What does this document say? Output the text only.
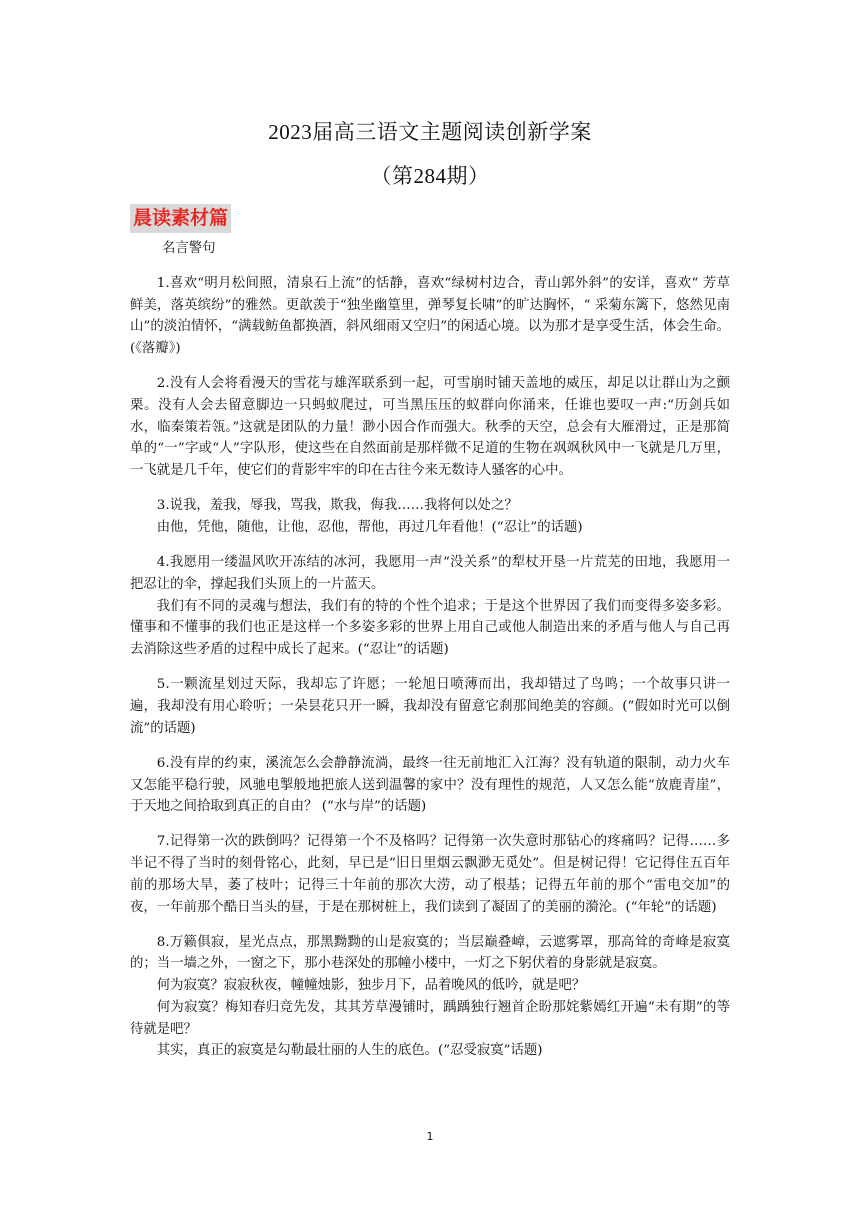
2023届高三语文主题阅读创新学案
（第284期）
晨读素材篇
名言警句

1.喜欢“明月松间照，清泉石上流”的恬静，喜欢“绿树村边合，青山郭外斜”的安详，喜欢“ 芳草鲜美，落英缤纷”的雅然。更歆羡于“独坐幽篁里，弹琴复长啸”的旷达胸怀，“ 采菊东篱下，悠然见南山”的淡泊情怀，“满载鲂鱼都换酒，斜风细雨又空归”的闲适心境。以为那才是享受生活，体会生命。(《落瓣》)

2.没有人会将看漫天的雪花与雄浑联系到一起，可雪崩时铺天盖地的威压，却足以让群山为之颤栗。没有人会去留意脚边一只蚂蚁爬过，可当黑压压的蚁群向你涌来，任谁也要叹一声:“历剑兵如水，临秦策若瓴。”这就是团队的力量！渺小因合作而强大。秋季的天空，总会有大雁滑过，正是那简单的“一”字或“人”字队形，使这些在自然面前是那样微不足道的生物在飒飒秋风中一飞就是几万里，一飞就是几千年，使它们的背影牢牢的印在古往今来无数诗人骚客的心中。

3.说我，羞我，辱我，骂我，欺我，侮我……我将何以处之？

由他，凭他，随他，让他，忍他，帮他，再过几年看他！(“忍让”的话题)

4.我愿用一缕温风吹开冻结的冰河，我愿用一声“没关系”的犁杖开垦一片荒芜的田地，我愿用一把忍让的伞，撑起我们头顶上的一片蓝天。

我们有不同的灵魂与想法，我们有的特的个性个追求；于是这个世界因了我们而变得多姿多彩。懂事和不懂事的我们也正是这样一个多姿多彩的世界上用自己或他人制造出来的矛盾与他人与自己再去消除这些矛盾的过程中成长了起来。(“忍让”的话题)

5.一颗流星划过天际，我却忘了许愿；一轮旭日喷薄而出，我却错过了鸟鸣；一个故事只讲一遍，我却没有用心聆听；一朵昙花只开一瞬，我却没有留意它刹那间绝美的容颜。(“假如时光可以倒流”的话题)

6.没有岸的约束，溪流怎么会静静流淌，最终一往无前地汇入江海？没有轨道的限制，动力火车又怎能平稳行驶，风驰电掣般地把旅人送到温馨的家中？没有理性的规范，人又怎么能“放鹿青崖”，于天地之间拾取到真正的自由？ (“水与岸”的话题)

7.记得第一次的跌倒吗？记得第一个不及格吗？记得第一次失意时那钻心的疼痛吗？记得……多半记不得了当时的刻骨铭心，此刻，早已是“旧日里烟云飘渺无觅处”。但是树记得！它记得住五百年前的那场大旱，萎了枝叶；记得三十年前的那次大涝，动了根基；记得五年前的那个“雷电交加”的夜，一年前那个酷日当头的昼，于是在那树桩上，我们读到了凝固了的美丽的漪沦。(“年轮”的话题)

8.万籁俱寂，星光点点，那黑黝黝的山是寂寞的；当层巅叠嶂，云遮雾罩，那高耸的奇峰是寂寞的；当一墙之外，一窗之下，那小巷深处的那幢小楼中，一灯之下躬伏着的身影就是寂寞。

何为寂寞？寂寂秋夜，幢幢烛影，独步月下，品着晚风的低吟，就是吧？

何为寂寞？梅知春归竞先发，其其芳草漫铺时，踽踽独行翘首企盼那姹紫嫣红开遍“未有期”的等待就是吧？

其实，真正的寂寞是勾勒最壮丽的人生的底色。(”忍受寂寞”话题)

1
